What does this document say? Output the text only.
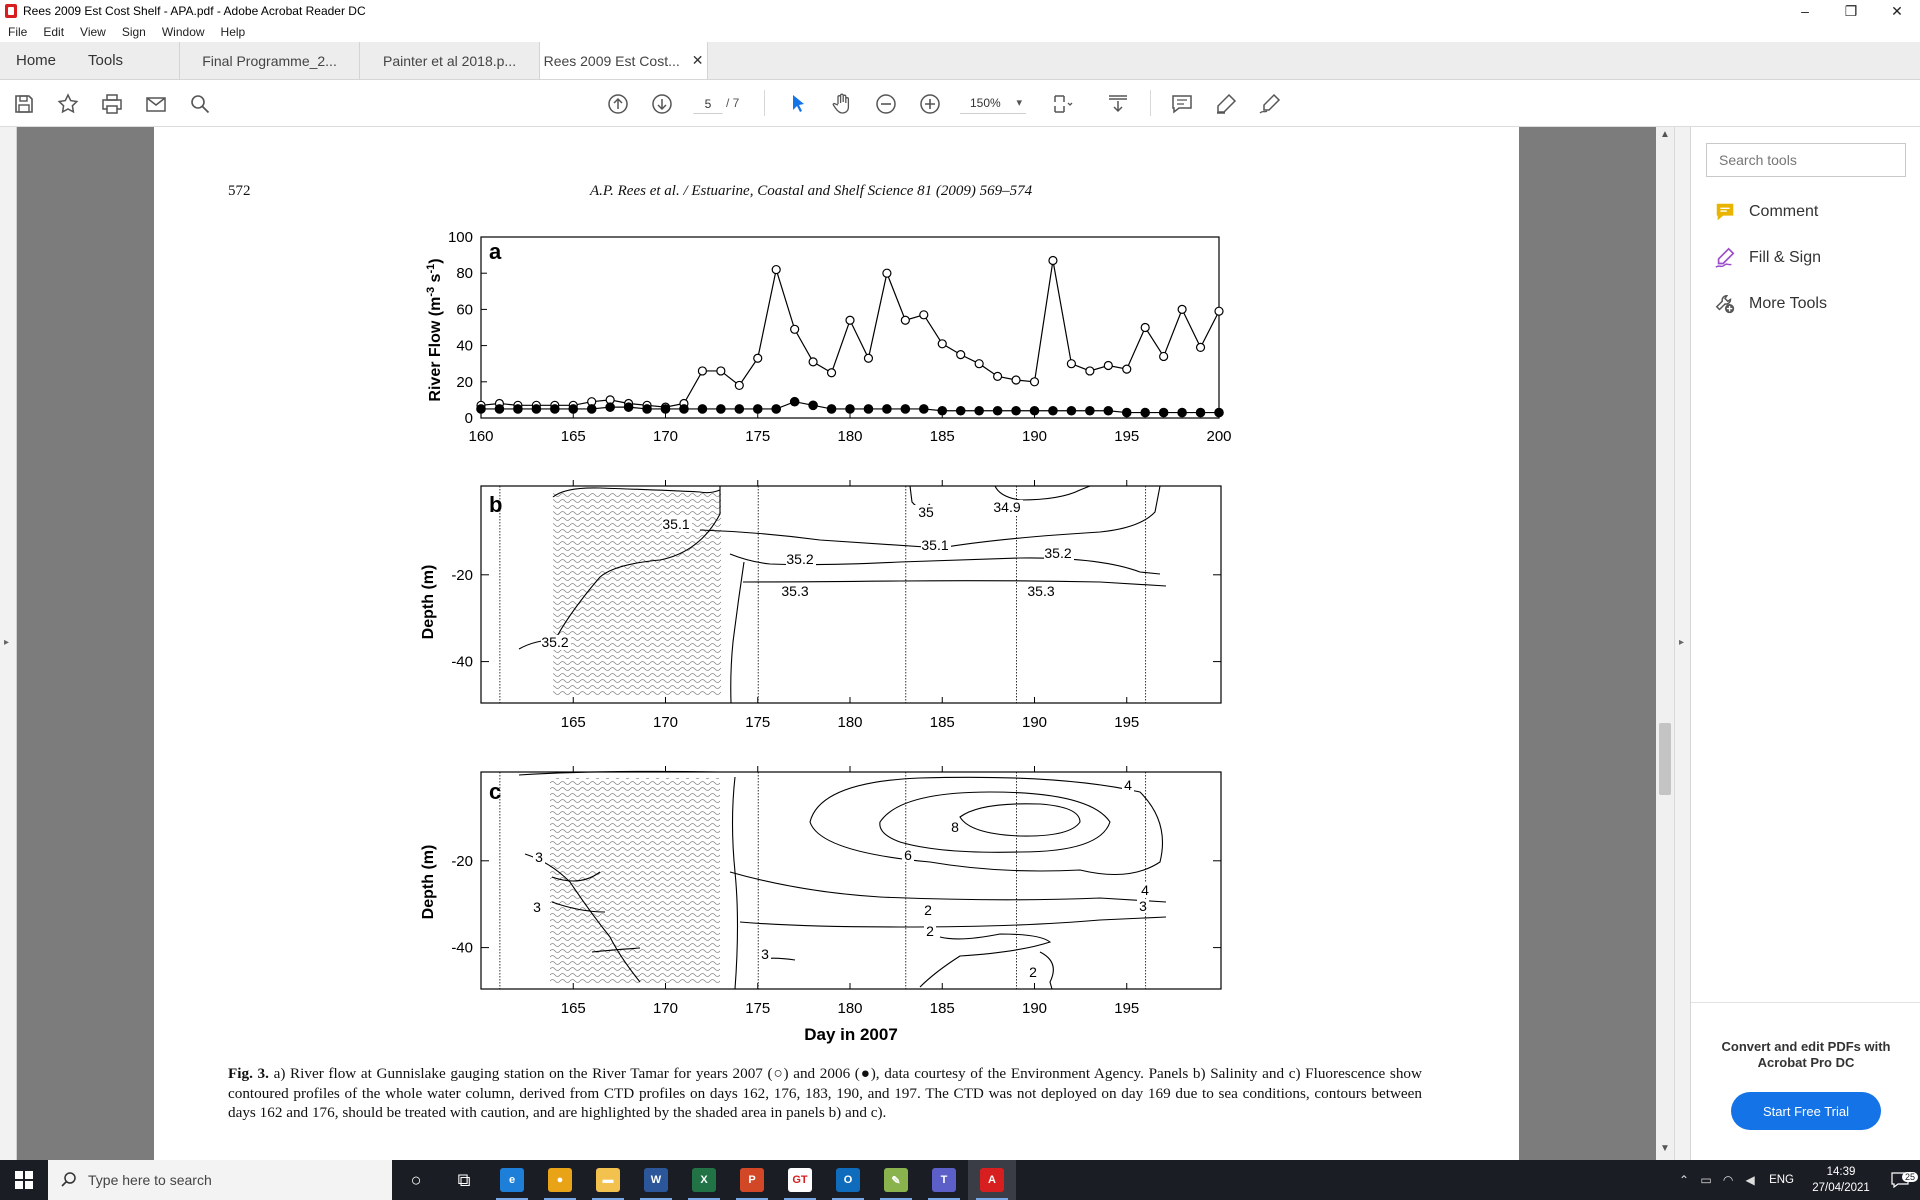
Rees 2009 Est Cost Shelf - APA.pdf - Adobe Acrobat Reader DC	–	❐	✕
File	Edit	View	Sign	Window	Help
Home	Tools	Final Programme_2...	Painter et al 2018.p... Rees 2009 Est Cost... ✕
5	/ 7	150% ▾
▸
▲
▼
▸
572	A.P. Rees et al. / Estuarine, Coastal and Shelf Science 81 (2009) 569–574
a
River Flow ($m^{-3}$ $s^{-1}$)
0
20
40
60
80
100
160	165	170	175	180	185	190	195	200
b
Depth (m)
35.1
35	34.9
35.1
35.2	35.2
35.3	35.3
35.2
165	170	175	180	185	190	195
-20
-40
c
Depth (m)	3
3
3
4
3
4
8
6
2
2
2
165	170	175	180	185	190	195
-20
-40
Day in 2007
Fig. 3. a) River flow at Gunnislake gauging station on the River Tamar for years 2007 (○) and 2006 (●), data courtesy of the Environment Agency. Panels b) Salinity and c) Fluorescence show contoured profiles of the whole water column, derived from CTD profiles on days 162, 176, 183, 190, and 197. The CTD was not deployed on day 169 due to sea conditions, contours between days 162 and 176, should be treated with caution, and are highlighted by the shaded area in panels b) and c).
Search tools
Comment
Fill & Sign
More Tools
Convert and edit PDFs with Acrobat Pro DC
Start Free Trial
Type here to search	⌃ ▭ ◠	◀	ENG
14:39
27/04/2021
25
○	⧉	e	●	▬	W	X	P	GT	O	✎	T	A
